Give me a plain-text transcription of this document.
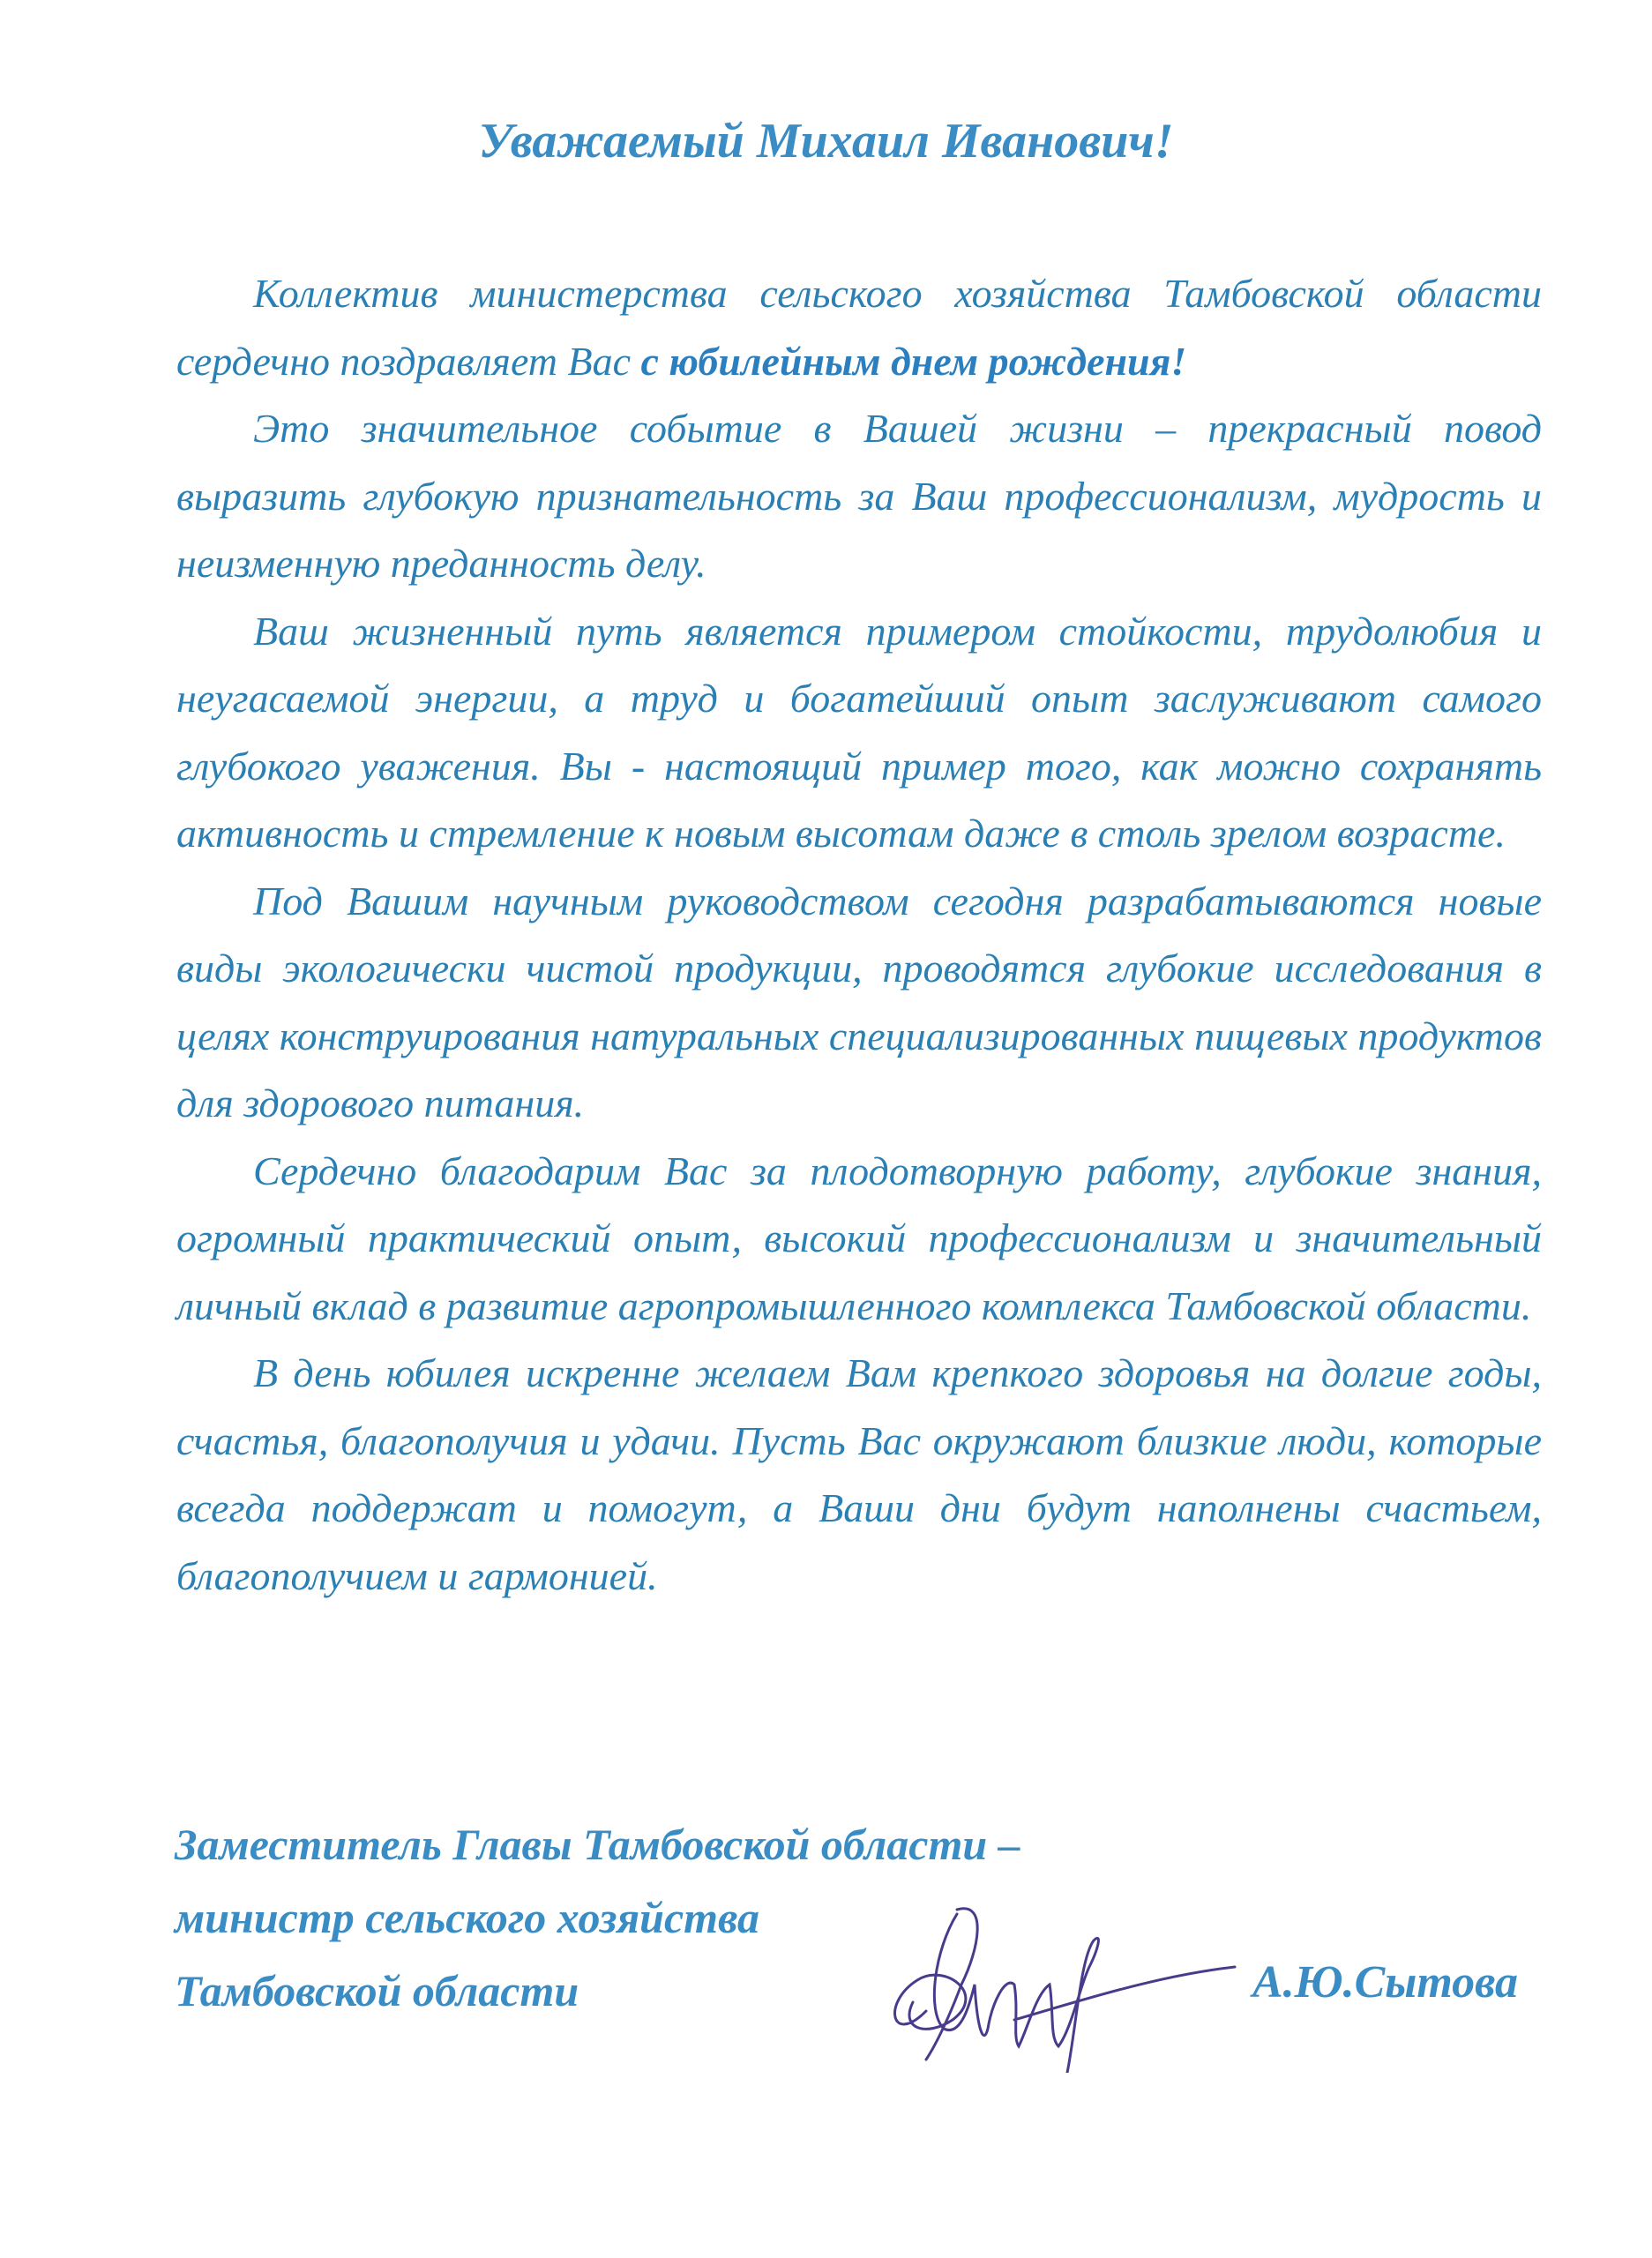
Уважаемый Михаил Иванович!

Коллектив министерства сельского хозяйства Тамбовской области сердечно поздравляет Вас с юбилейным днем рождения!

Это значительное событие в Вашей жизни – прекрасный повод выразить глубокую признательность за Ваш профессионализм, мудрость и неизменную преданность делу.

Ваш жизненный путь является примером стойкости, трудолюбия и неугасаемой энергии, а труд и богатейший опыт заслуживают самого глубокого уважения. Вы - настоящий пример того, как можно сохранять активность и стремление к новым высотам даже в столь зрелом возрасте.

Под Вашим научным руководством сегодня разрабатываются новые виды экологически чистой продукции, проводятся глубокие исследования в целях конструирования натуральных специализированных пищевых продуктов для здорового питания.

Сердечно благодарим Вас за плодотворную работу, глубокие знания, огромный практический опыт, высокий профессионализм и значительный личный вклад в развитие агропромышленного комплекса Тамбовской области.

В день юбилея искренне желаем Вам крепкого здоровья на долгие годы, счастья, благополучия и удачи. Пусть Вас окружают близкие люди, которые всегда поддержат и помогут, а Ваши дни будут наполнены счастьем, благополучием и гармонией.

Заместитель Главы Тамбовской области –
министр сельского хозяйства
Тамбовской области	А.Ю.Сытова
